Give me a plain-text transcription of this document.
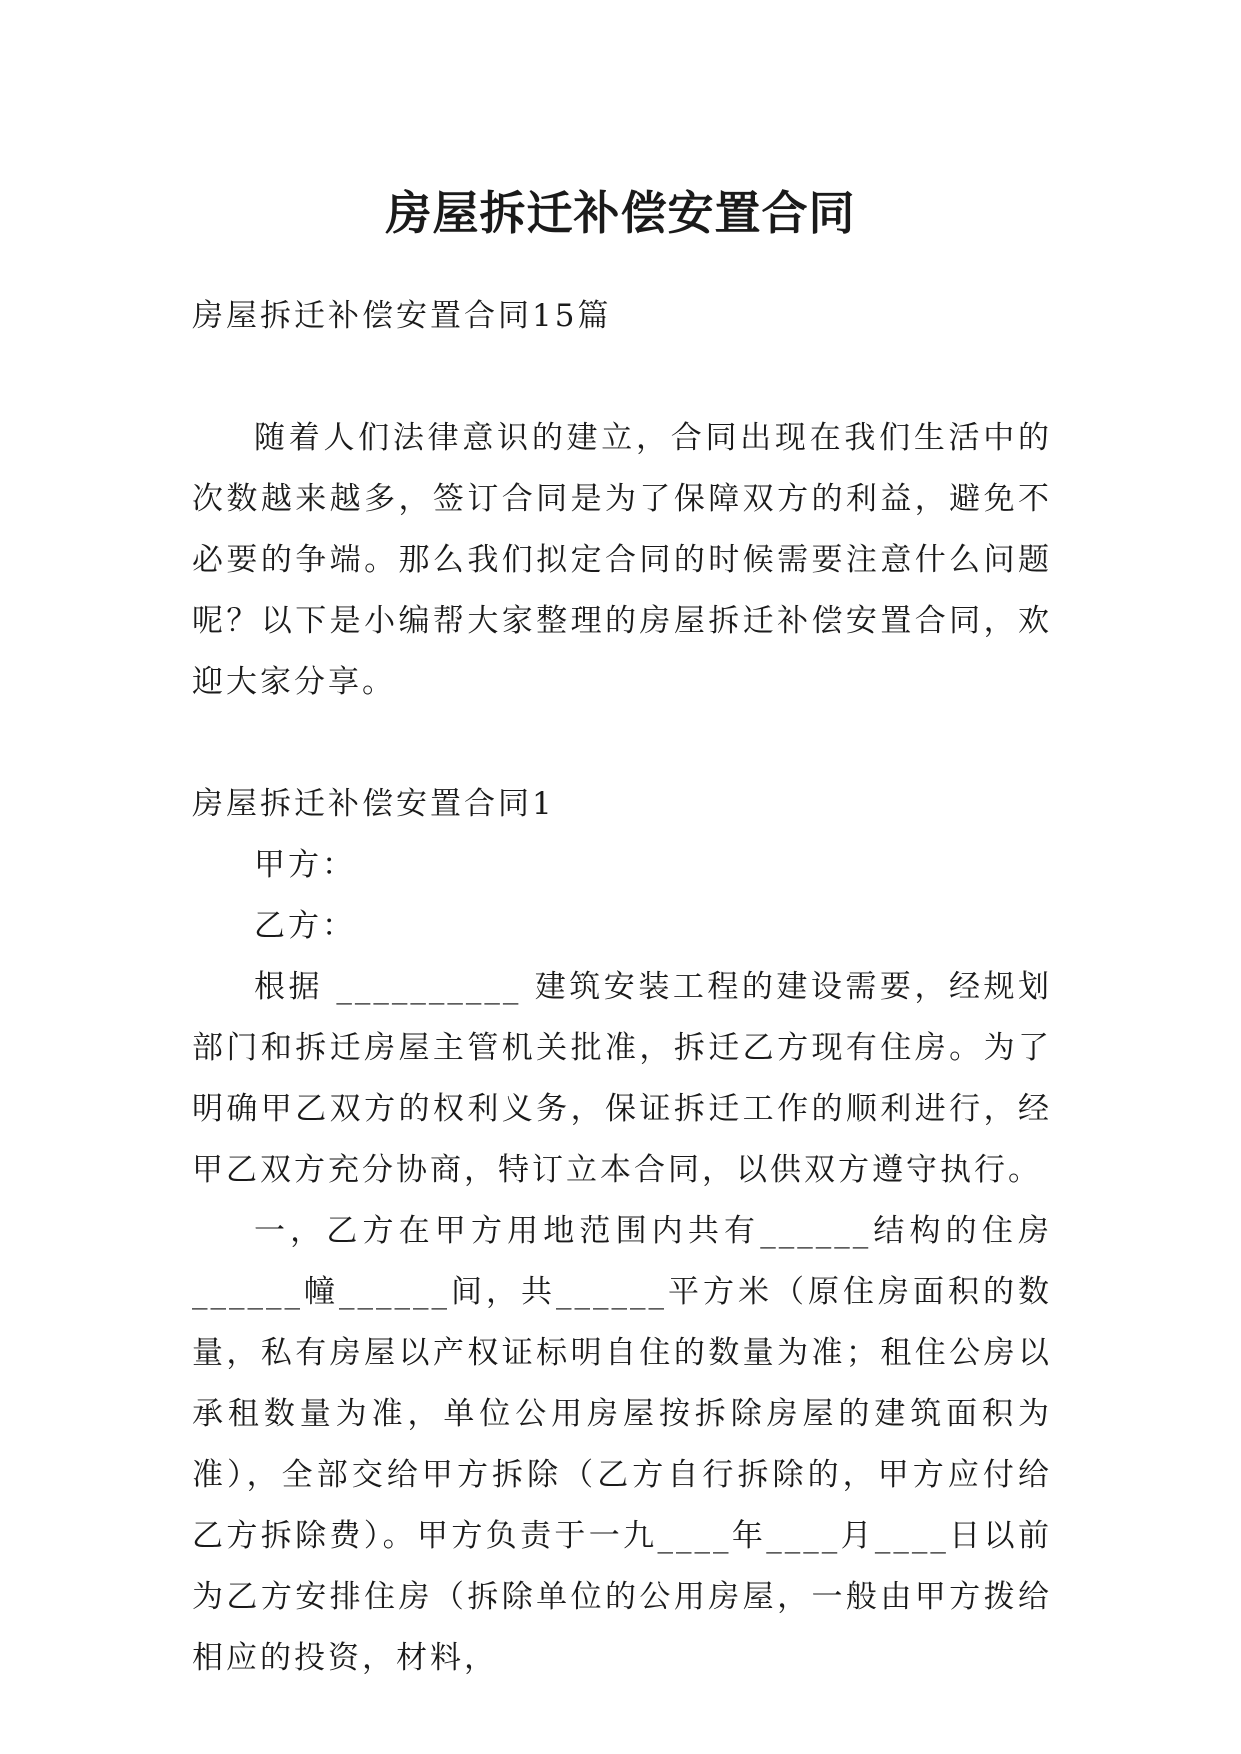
房屋拆迁补偿安置合同

房屋拆迁补偿安置合同15篇

随着人们法律意识的建立，合同出现在我们生活中的次数越来越多，签订合同是为了保障双方的利益，避免不必要的争端。那么我们拟定合同的时候需要注意什么问题呢？以下是小编帮大家整理的房屋拆迁补偿安置合同，欢迎大家分享。

房屋拆迁补偿安置合同1

甲方：

乙方：

根据 __________ 建筑安装工程的建设需要，经规划部门和拆迁房屋主管机关批准，拆迁乙方现有住房。为了明确甲乙双方的权利义务，保证拆迁工作的顺利进行，经甲乙双方充分协商，特订立本合同，以供双方遵守执行。

一，乙方在甲方用地范围内共有______结构的住房______幢______间，共______平方米（原住房面积的数量，私有房屋以产权证标明自住的数量为准；租住公房以承租数量为准，单位公用房屋按拆除房屋的建筑面积为准），全部交给甲方拆除（乙方自行拆除的，甲方应付给乙方拆除费）。甲方负责于一九____年____月____日以前为乙方安排住房（拆除单位的公用房屋，一般由甲方拨给相应的投资，材料，
